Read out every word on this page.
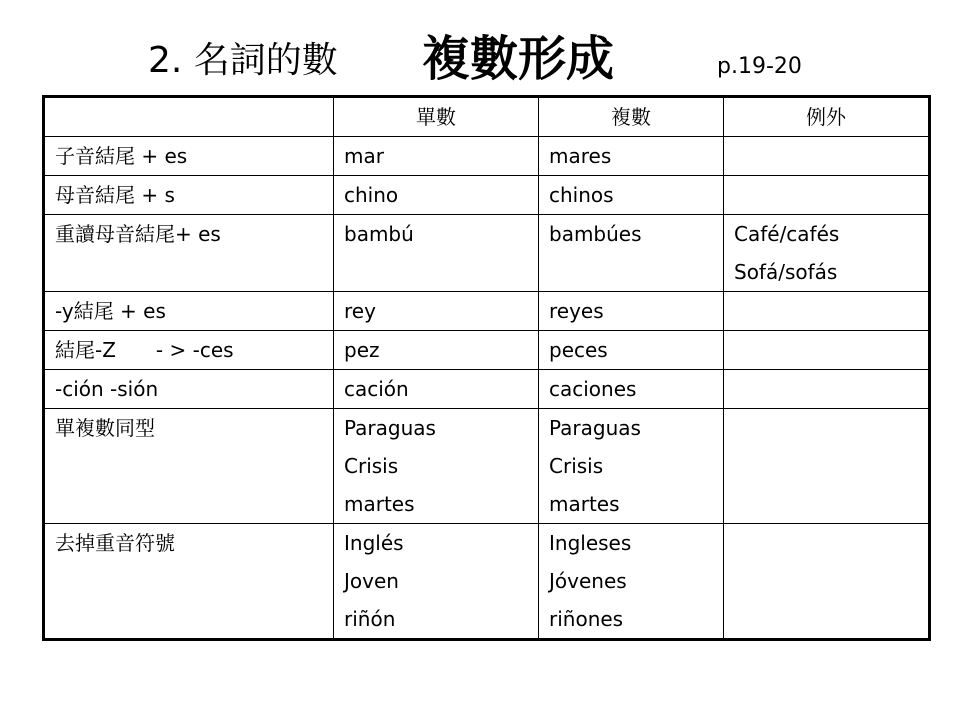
2. 名詞的數 複數形成	p.19-20
	單數	複數	例外

子音結尾 + es	mar	mares	

母音結尾 + s	chino	chinos	

重讀母音結尾+ es	bambú	bambúes	Café/cafés
Sofá/sofás

-y結尾 + es	rey	reyes	

結尾-Z　　- > -ces	pez	peces	

-ción -sión	cación	caciones	

單複數同型	Paraguas
Crisis
martes	Paraguas
Crisis
martes	

去掉重音符號	Inglés
Joven
riñón	Ingleses
Jóvenes
riñones	
